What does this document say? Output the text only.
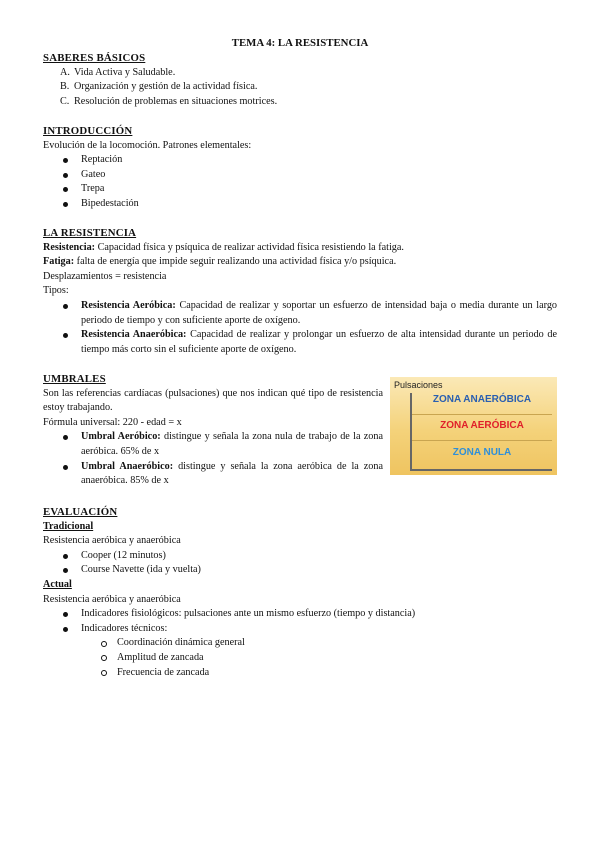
TEMA 4: LA RESISTENCIA
SABERES BÁSICOS
A. Vida Activa y Saludable.
B. Organización y gestión de la actividad física.
C. Resolución de problemas en situaciones motrices.
INTRODUCCIÓN
Evolución de la locomoción. Patrones elementales:
Reptación
Gateo
Trepa
Bipedestación
LA RESISTENCIA
Resistencia: Capacidad física y psíquica de realizar actividad física resistiendo la fatiga.
Fatiga: falta de energía que impide seguir realizando una actividad física y/o psíquica.
Desplazamientos = resistencia
Tipos:
Resistencia Aeróbica: Capacidad de realizar y soportar un esfuerzo de intensidad baja o media durante un largo periodo de tiempo y con suficiente aporte de oxígeno.
Resistencia Anaeróbica: Capacidad de realizar y prolongar un esfuerzo de alta intensidad durante un periodo de tiempo más corto sin el suficiente aporte de oxígeno.
UMBRALES
Son las referencias cardíacas (pulsaciones) que nos indican qué tipo de resistencia estoy trabajando.
Fórmula universal: 220 - edad = x
Umbral Aeróbico: distingue y señala la zona nula de trabajo de la zona aeróbica. 65% de x
Umbral Anaeróbico: distingue y señala la zona aeróbica de la zona anaeróbica. 85% de x
EVALUACIÓN
Tradicional
Resistencia aeróbica y anaeróbica
Cooper (12 minutos)
Course Navette (ida y vuelta)
Actual
Resistencia aeróbica y anaeróbica
Indicadores fisiológicos: pulsaciones ante un mismo esfuerzo (tiempo y distancia)
Indicadores técnicos:
Coordinación dinámica general
Amplitud de zancada
Frecuencia de zancada
Pulsaciones
ZONA ANAERÓBICA
ZONA AERÓBICA
ZONA NULA
